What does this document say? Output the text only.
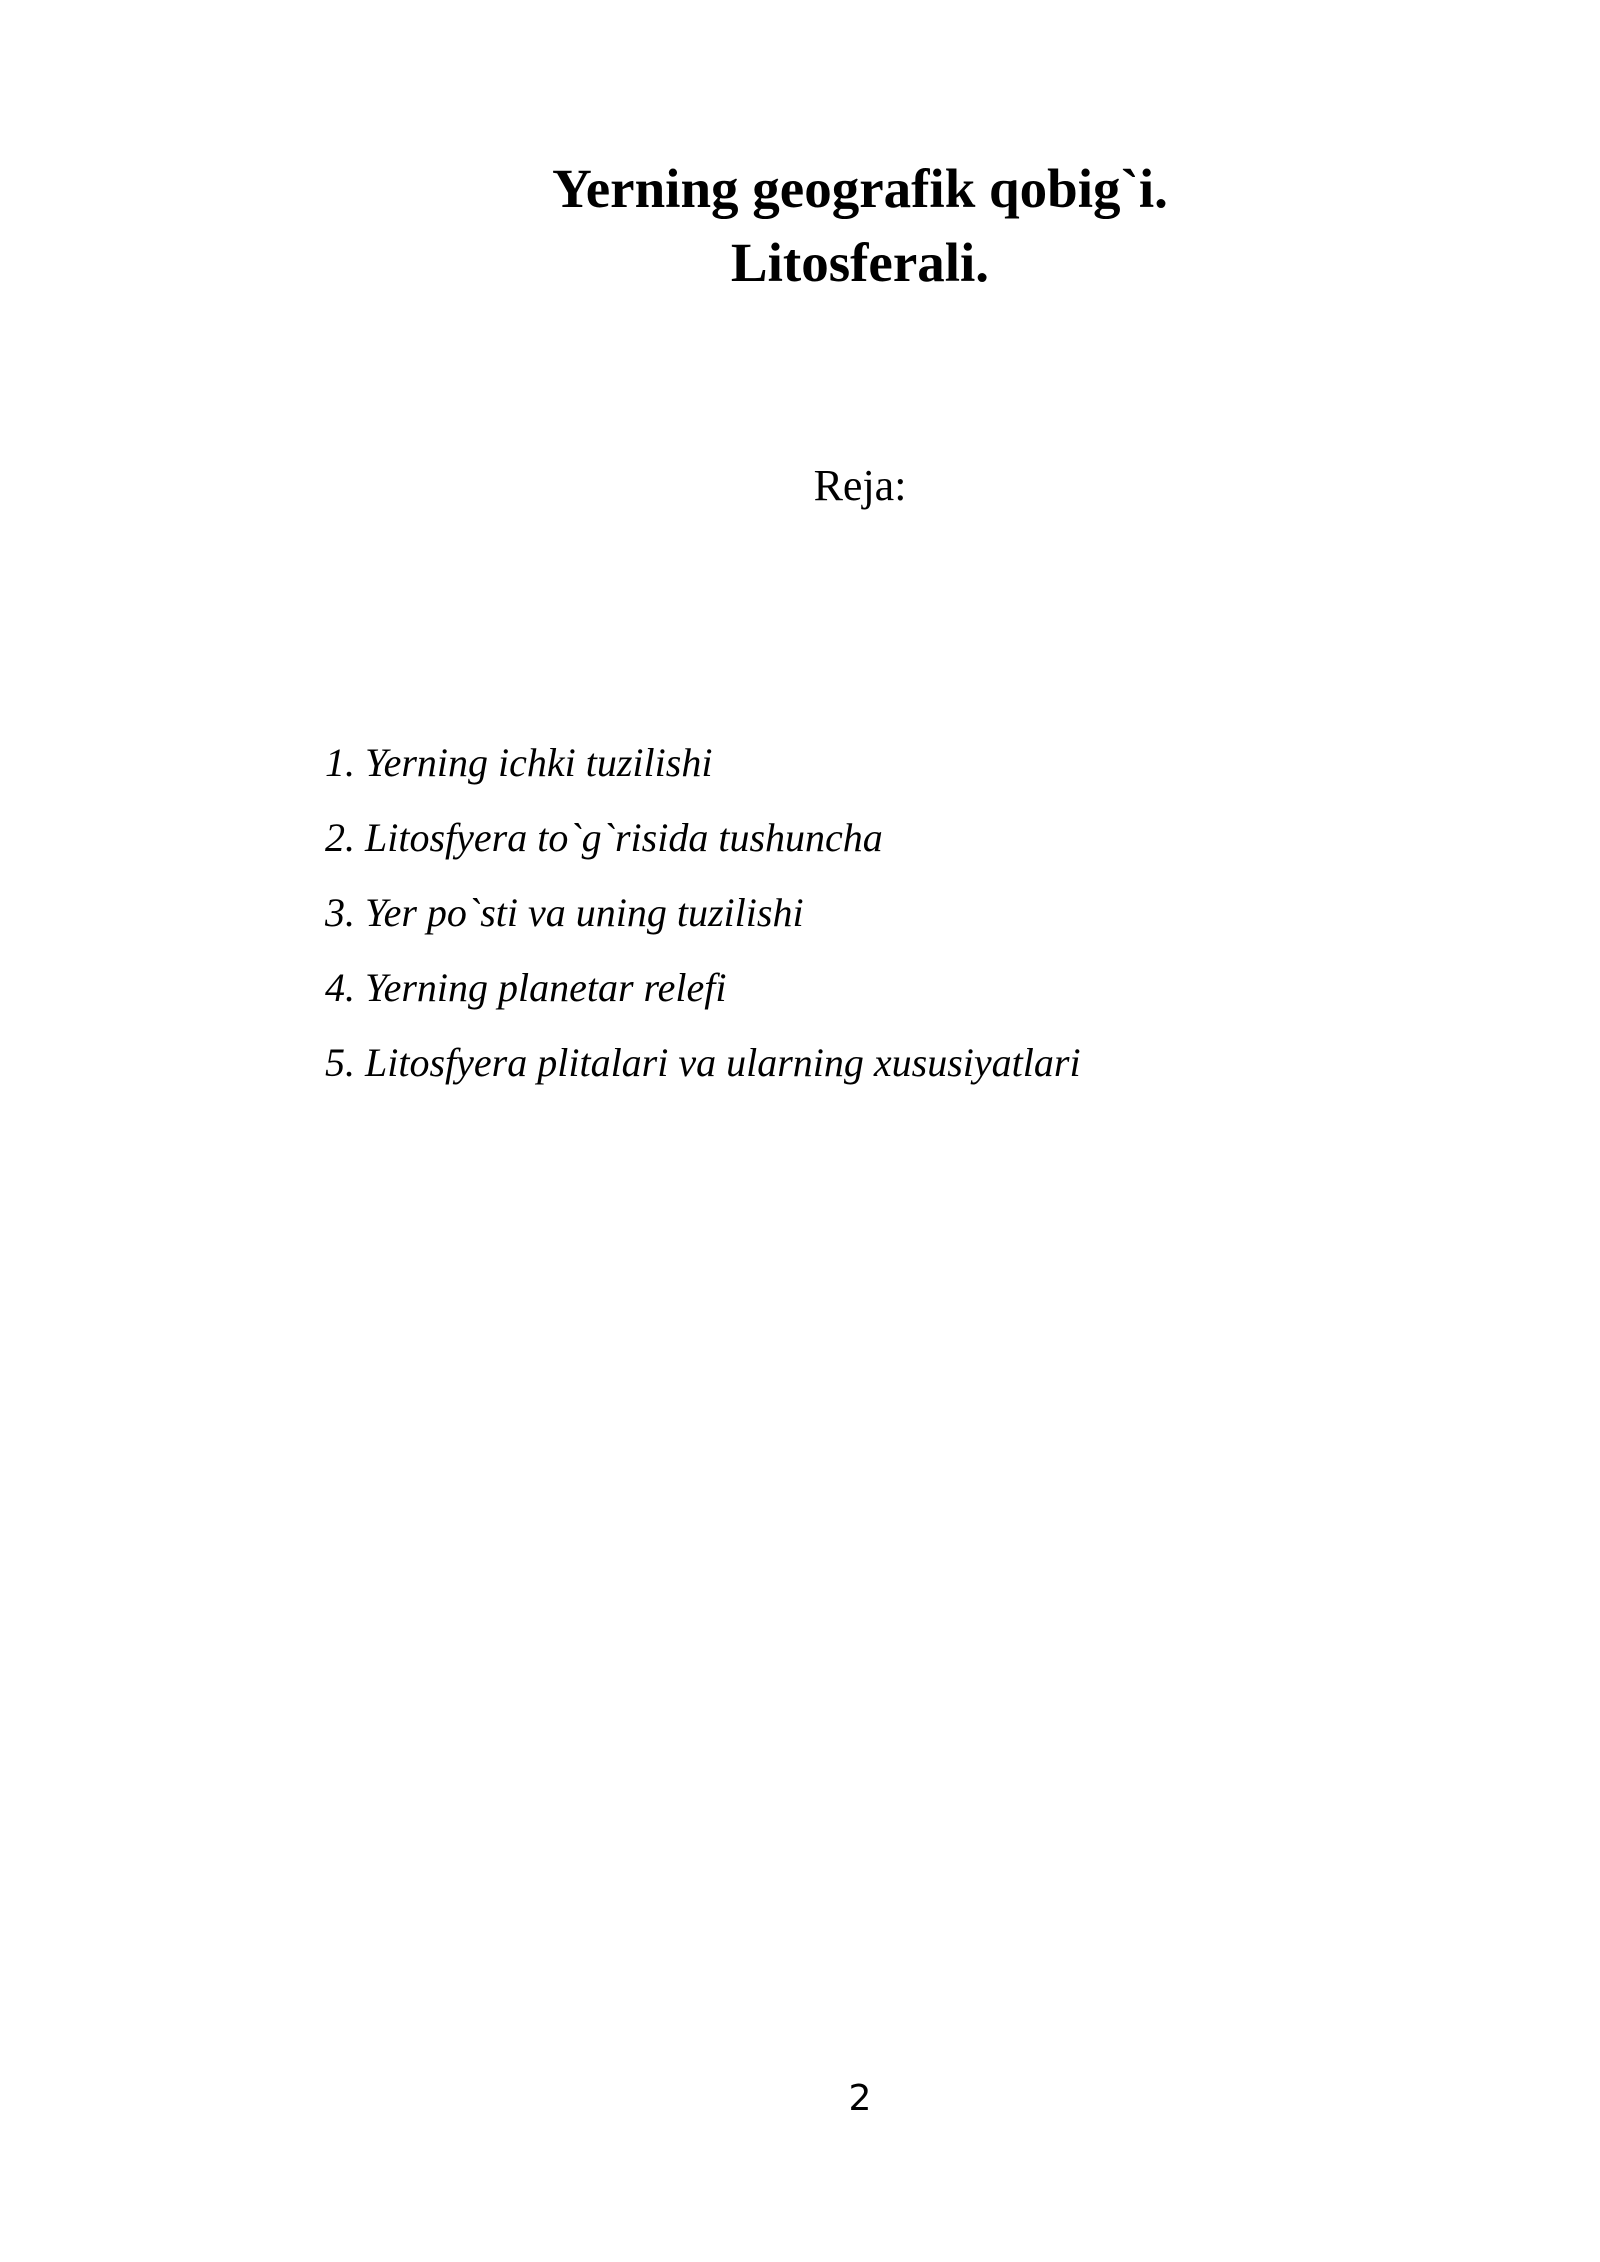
Yerning geografik qobig`i.
Litosferali.

Reja:

1. Yerning ichki tuzilishi
2. Litosfyera to`g`risida tushuncha
3. Yer po`sti va uning tuzilishi
4. Yerning planetar relefi
5. Litosfyera plitalari va ularning xususiyatlari
2
